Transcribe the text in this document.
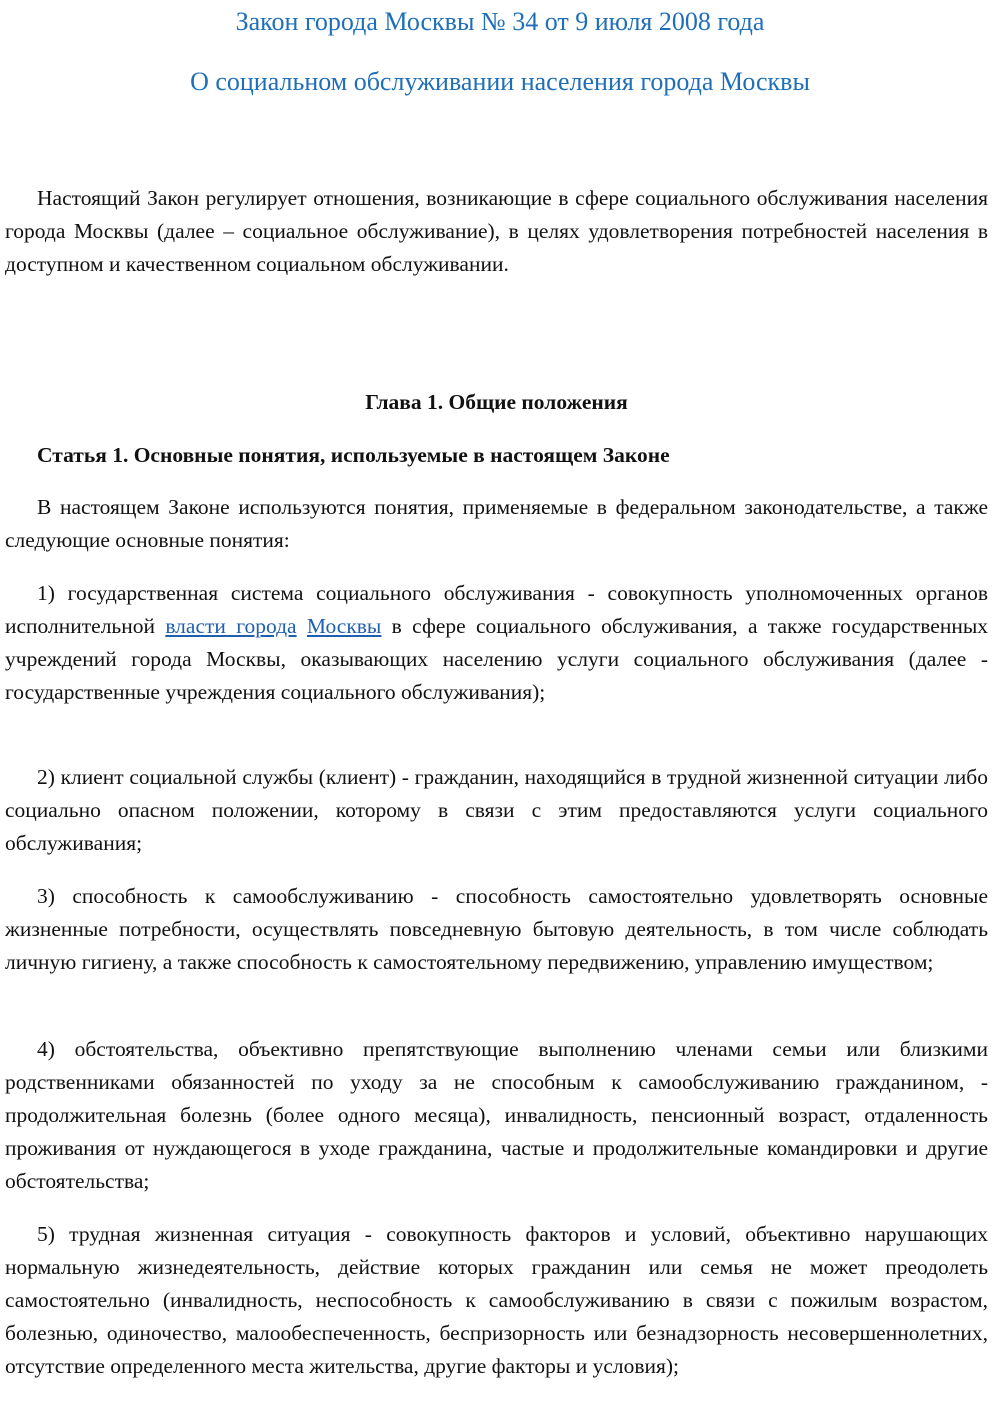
Закон города Москвы № 34 от 9 июля 2008 года
О социальном обслуживании населения города Москвы

Настоящий Закон регулирует отношения, возникающие в сфере социального обслуживания населения города Москвы (далее – социальное обслуживание), в целях удовлетворения потребностей населения в доступном и качественном социальном обслуживании.

Глава 1. Общие положения

Статья 1. Основные понятия, используемые в настоящем Законе

В настоящем Законе используются понятия, применяемые в федеральном законодательстве, а также следующие основные понятия:

1) государственная система социального обслуживания - совокупность уполномоченных органов исполнительной власти города Москвы в сфере социального обслуживания, а также государственных учреждений города Москвы, оказывающих населению услуги социального обслуживания (далее - государственные учреждения социального обслуживания);

2) клиент социальной службы (клиент) - гражданин, находящийся в трудной жизненной ситуации либо социально опасном положении, которому в связи с этим предоставляются услуги социального обслуживания;

3) способность к самообслуживанию - способность самостоятельно удовлетворять основные жизненные потребности, осуществлять повседневную бытовую деятельность, в том числе соблюдать личную гигиену, а также способность к самостоятельному передвижению, управлению имуществом;

4) обстоятельства, объективно препятствующие выполнению членами семьи или близкими родственниками обязанностей по уходу за не способным к самообслуживанию гражданином, - продолжительная болезнь (более одного месяца), инвалидность, пенсионный возраст, отдаленность проживания от нуждающегося в уходе гражданина, частые и продолжительные командировки и другие обстоятельства;

5) трудная жизненная ситуация - совокупность факторов и условий, объективно нарушающих нормальную жизнедеятельность, действие которых гражданин или семья не может преодолеть самостоятельно (инвалидность, неспособность к самообслуживанию в связи с пожилым возрастом, болезнью, одиночество, малообеспеченность, беспризорность или безнадзорность несовершеннолетних, отсутствие определенного места жительства, другие факторы и условия);
